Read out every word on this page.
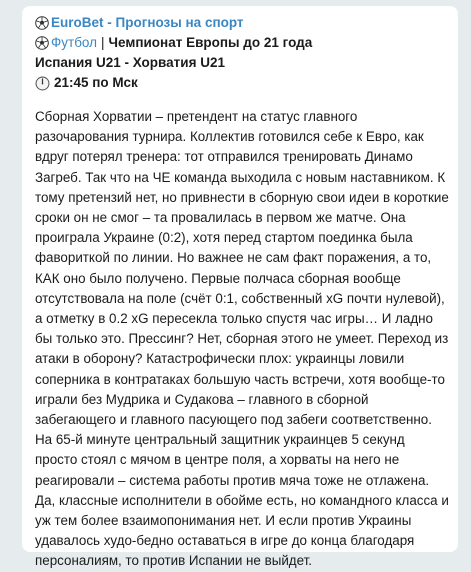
EuroBet - Прогнозы на спорт
Футбол | Чемпионат Европы до 21 года
Испания U21 - Хорватия U21
21:45 по Мск
Сборная Хорватии – претендент на статус главного разочарования турнира. Коллектив готовился себе к Евро, как вдруг потерял тренера: тот отправился тренировать Динамо Загреб. Так что на ЧЕ команда выходила с новым наставником. К тому претензий нет, но привнести в сборную свои идеи в короткие сроки он не смог – та провалилась в первом же матче. Она проиграла Украине (0:2), хотя перед стартом поединка была фавориткой по линии. Но важнее не сам факт поражения, а то, КАК оно было получено. Первые полчаса сборная вообще отсутствовала на поле (счёт 0:1, собственный xG почти нулевой), а отметку в 0.2 xG пересекла только спустя час игры… И ладно бы только это. Прессинг? Нет, сборная этого не умеет. Переход из атаки в оборону? Катастрофически плох: украинцы ловили соперника в контратаках большую часть встречи, хотя вообще-то играли без Мудрика и Судакова – главного в сборной забегающего и главного пасующего под забеги соответственно. На 65-й минуте центральный защитник украинцев 5 секунд просто стоял с мячом в центре поля, а хорваты на него не реагировали – система работы против мяча тоже не отлажена. Да, классные исполнители в обойме есть, но командного класса и уж тем более взаимопонимания нет. И если против Украины удавалось худо-бедно оставаться в игре до конца благодаря персоналиям, то против Испании не выйдет.
